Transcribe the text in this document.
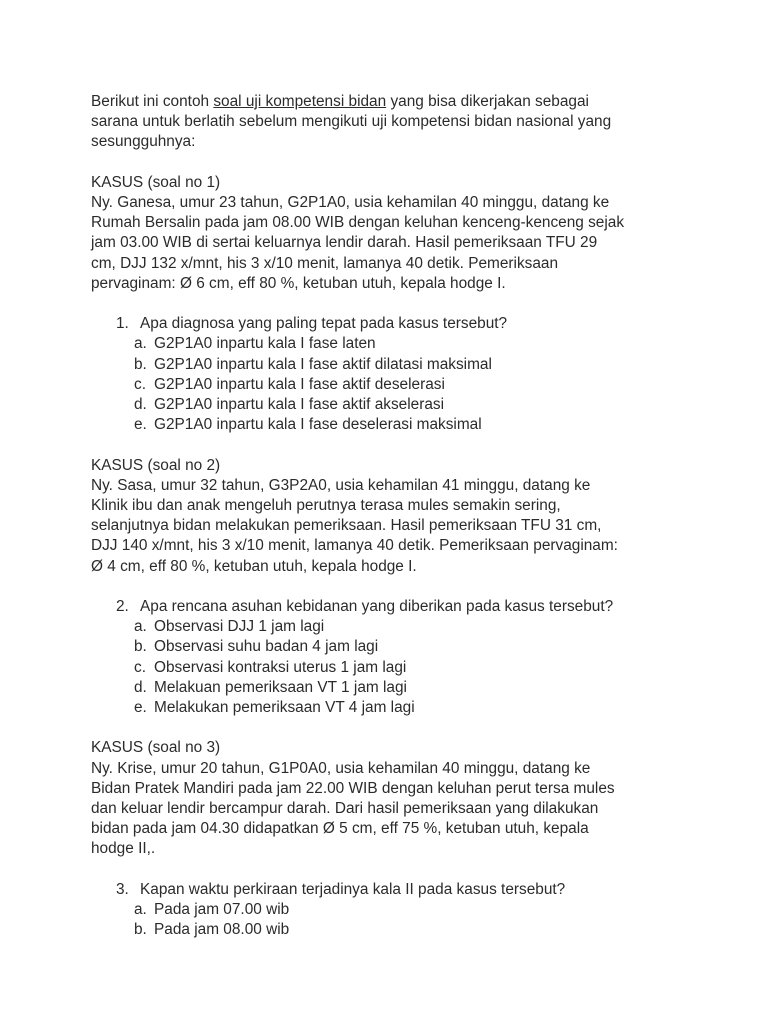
Berikut ini contoh soal uji kompetensi bidan yang bisa dikerjakan sebagai
sarana untuk berlatih sebelum mengikuti uji kompetensi bidan nasional yang
sesungguhnya:

KASUS (soal no 1)
Ny. Ganesa, umur 23 tahun, G2P1A0, usia kehamilan 40 minggu, datang ke
Rumah Bersalin pada jam 08.00 WIB dengan keluhan kenceng-kenceng sejak
jam 03.00 WIB di sertai keluarnya lendir darah. Hasil pemeriksaan TFU 29
cm, DJJ 132 x/mnt, his 3 x/10 menit, lamanya 40 detik. Pemeriksaan
pervaginam: Ø 6 cm, eff 80 %, ketuban utuh, kepala hodge I.
1. Apa diagnosa yang paling tepat pada kasus tersebut?
a. G2P1A0 inpartu kala I fase laten
b. G2P1A0 inpartu kala I fase aktif dilatasi maksimal
c. G2P1A0 inpartu kala I fase aktif deselerasi
d. G2P1A0 inpartu kala I fase aktif akselerasi
e. G2P1A0 inpartu kala I fase deselerasi maksimal
KASUS (soal no 2)
Ny. Sasa, umur 32 tahun, G3P2A0, usia kehamilan 41 minggu, datang ke
Klinik ibu dan anak mengeluh perutnya terasa mules semakin sering,
selanjutnya bidan melakukan pemeriksaan. Hasil pemeriksaan TFU 31 cm,
DJJ 140 x/mnt, his 3 x/10 menit, lamanya 40 detik. Pemeriksaan pervaginam:
Ø 4 cm, eff 80 %, ketuban utuh, kepala hodge I.
2. Apa rencana asuhan kebidanan yang diberikan pada kasus tersebut?
a. Observasi DJJ 1 jam lagi
b. Observasi suhu badan 4 jam lagi
c. Observasi kontraksi uterus 1 jam lagi
d. Melakuan pemeriksaan VT 1 jam lagi
e. Melakukan pemeriksaan VT 4 jam lagi
KASUS (soal no 3)
Ny. Krise, umur 20 tahun, G1P0A0, usia kehamilan 40 minggu, datang ke
Bidan Pratek Mandiri pada jam 22.00 WIB dengan keluhan perut tersa mules
dan keluar lendir bercampur darah. Dari hasil pemeriksaan yang dilakukan
bidan pada jam 04.30 didapatkan Ø 5 cm, eff 75 %, ketuban utuh, kepala
hodge II,.
3. Kapan waktu perkiraan terjadinya kala II pada kasus tersebut?
a. Pada jam 07.00 wib
b. Pada jam 08.00 wib
